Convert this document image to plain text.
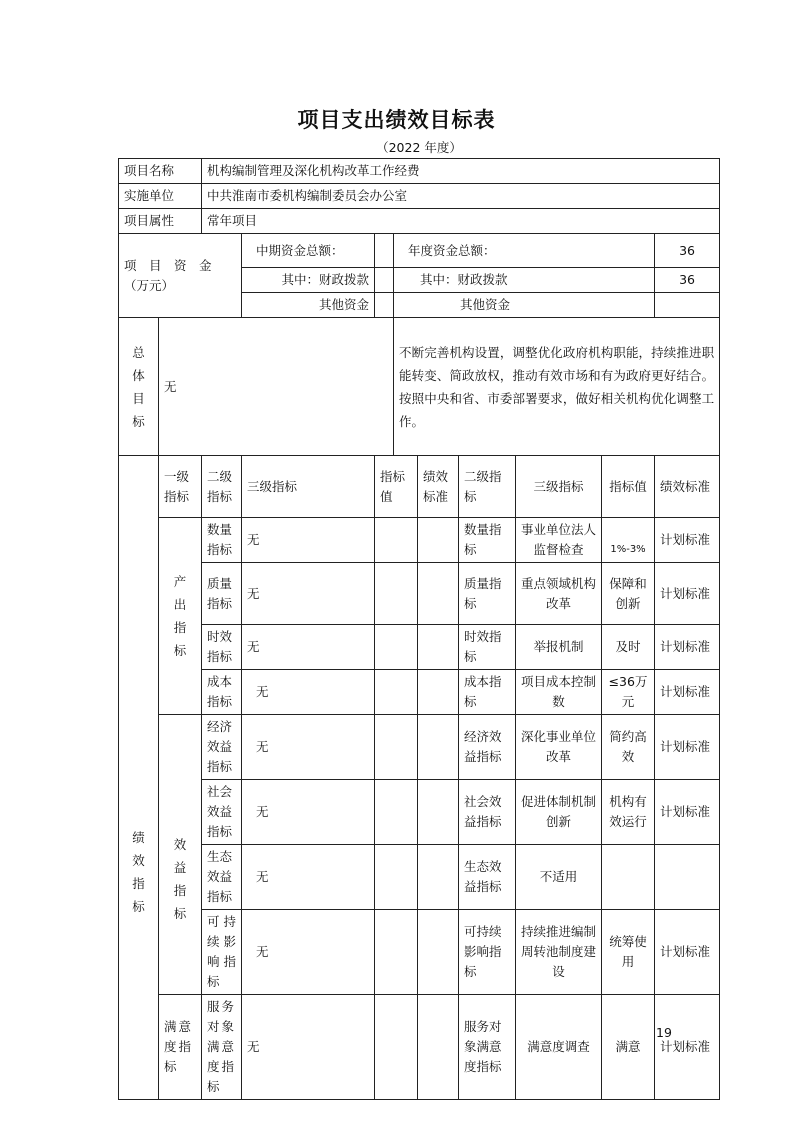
项目支出绩效目标表
（2022 年度）
项目名称		机构编制管理及深化机构改革工作经费								
实施单位		中共淮南市委机构编制委员会办公室								
项目属性		常年项目								

项　目　资　金
（万元）			中期资金总额：		年度资金总额：					36
			其中：财政拨款		其中：财政拨款					36
			其他资金		其他资金					
总
体
目
标	无				不断完善机构设置，调整优化政府机构职能，持续推进职能转变、简政放权，推动有效市场和有为政府更好结合。按照中央和省、市委部署要求，做好相关机构优化调整工作。					
绩
效
指
标	一级指标	二级指标	三级指标	指标值		绩效标准	二级指标	三级指标	指标值	绩效标准
	产
出
指
标	数量指标	无				数量指标	事业单位法人监督检查	1%-3%	计划标准
		质量指标	无				质量指标	重点领域机构改革	保障和创新	计划标准
		时效指标	无				时效指标	举报机制	及时	计划标准
		成本指标	无				成本指标	项目成本控制数	≤36万元	计划标准
	效
益
指
标	经济效益指标	无				经济效益指标	深化事业单位改革	简约高效	计划标准
		社会效益指标	无				社会效益指标	促进体制机制创新	机构有效运行	计划标准
		生态效益指标	无				生态效益指标	不适用		
		可持续影响指标	无				可持续影响指标	持续推进编制周转池制度建设	统筹使用	计划标准
	满意度指标	服务对象满意度指标	无				服务对象满意度指标	满意度调查	满意	计划标准
19
